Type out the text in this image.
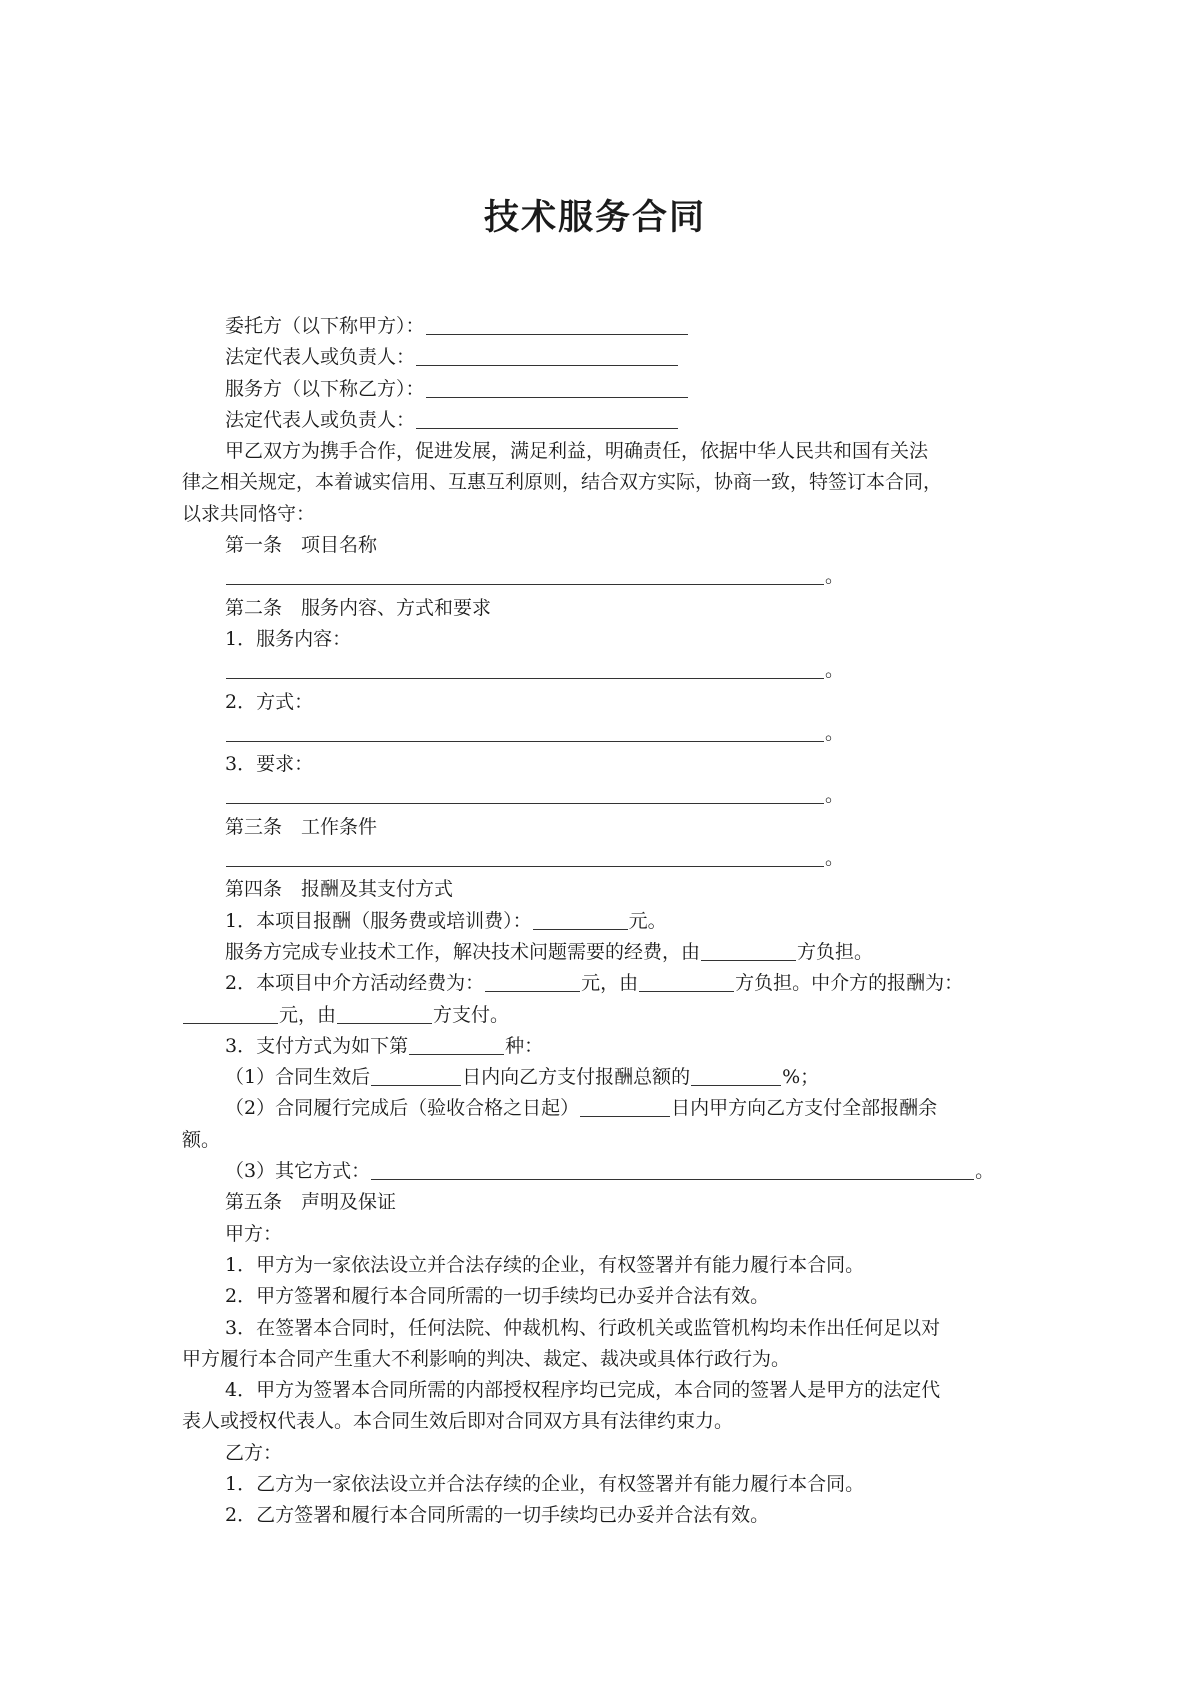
技术服务合同
委托方（以下称甲方）：
法定代表人或负责人：
服务方（以下称乙方）：
法定代表人或负责人：
甲乙双方为携手合作，促进发展，满足利益，明确责任，依据中华人民共和国有关法
律之相关规定，本着诚实信用、互惠互利原则，结合双方实际，协商一致，特签订本合同，
以求共同恪守：
第一条　项目名称
。
第二条　服务内容、方式和要求
1．服务内容：
。
2．方式：
。
3．要求：
。
第三条　工作条件
。
第四条　报酬及其支付方式
1．本项目报酬（服务费或培训费）：	元。
服务方完成专业技术工作，解决技术问题需要的经费，由	方负担。
2．本项目中介方活动经费为：	元，由	方负担。中介方的报酬为：
元，由	方支付。
3．支付方式为如下第	种：
（1）合同生效后	日内向乙方支付报酬总额的	%；
（2）合同履行完成后（验收合格之日起）	日内甲方向乙方支付全部报酬余
额。
（3）其它方式：	。
第五条　声明及保证
甲方：
1．甲方为一家依法设立并合法存续的企业，有权签署并有能力履行本合同。
2．甲方签署和履行本合同所需的一切手续均已办妥并合法有效。
3．在签署本合同时，任何法院、仲裁机构、行政机关或监管机构均未作出任何足以对
甲方履行本合同产生重大不利影响的判决、裁定、裁决或具体行政行为。
4．甲方为签署本合同所需的内部授权程序均已完成，本合同的签署人是甲方的法定代
表人或授权代表人。本合同生效后即对合同双方具有法律约束力。
乙方：
1．乙方为一家依法设立并合法存续的企业，有权签署并有能力履行本合同。
2．乙方签署和履行本合同所需的一切手续均已办妥并合法有效。
